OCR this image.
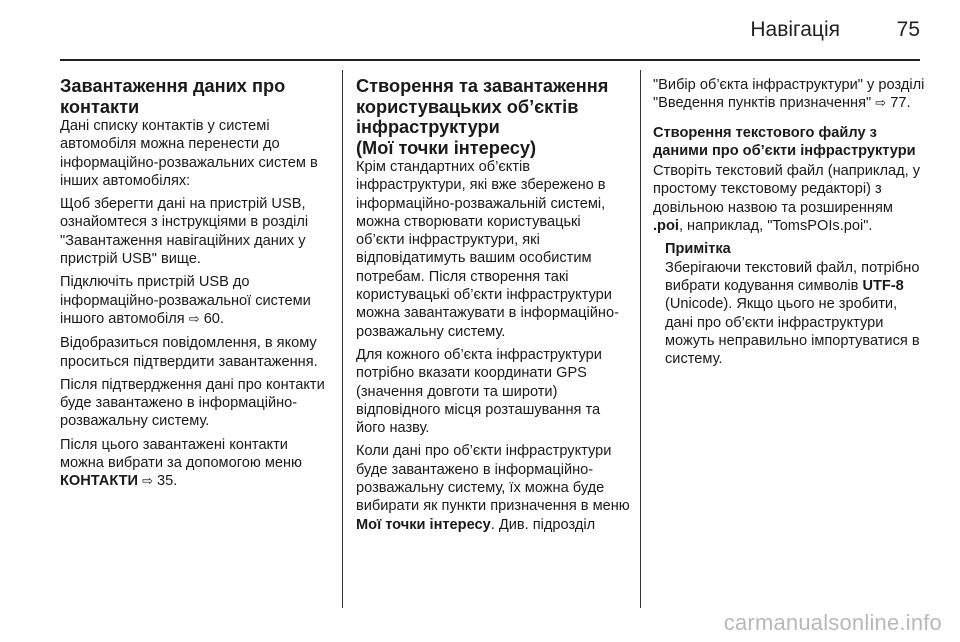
Навігація	75
Завантаження даних про
контакти

Дані списку контактів у системі автомобіля можна перенести до інформаційно-розважальних систем в інших автомобілях:

Щоб зберегти дані на пристрій USB, ознайомтеся з інструкціями в розділі "Завантаження навігаційних даних у пристрій USB" вище.

Підключіть пристрій USB до інформаційно-розважальної системи іншого автомобіля ⇨ 60.

Відобразиться повідомлення, в якому проситься підтвердити завантаження.

Після підтвердження дані про контакти буде завантажено в інформаційно-розважальну систему.

Після цього завантажені контакти можна вибрати за допомогою меню
КОНТАКТИ ⇨ 35.

Створення та завантаження
користувацьких об’єктів
інфраструктури
(Мої точки інтересу)

Крім стандартних об’єктів інфраструктури, які вже збережено в інформаційно-розважальній системі, можна створювати користувацькі об’єкти інфраструктури, які відповідатимуть вашим особистим потребам. Після створення такі користувацькі об’єкти інфраструктури можна завантажувати в інформаційно-розважальну систему.

Для кожного об’єкта інфраструктури потрібно вказати координати GPS (значення довготи та широти) відповідного місця розташування та його назву.

Коли дані про об’єкти інфраструктури буде завантажено в інформаційно-розважальну систему, їх можна буде вибирати як пункти призначення в меню Мої точки інтересу. Див. підрозділ

"Вибір об’єкта інфраструктури" у розділі "Введення пунктів призначення" ⇨ 77.

Створення текстового файлу з даними про об’єкти інфраструктури

Створіть текстовий файл (наприклад, у простому текстовому редакторі) з довільною назвою та розширенням .poi, наприклад, "TomsPOIs.poi".

Примітка

Зберігаючи текстовий файл, потрібно вибрати кодування символів UTF-8 (Unicode). Якщо цього не зробити, дані про об’єкти інфраструктури можуть неправильно імпортуватися в систему.

carmanualsonline.info
